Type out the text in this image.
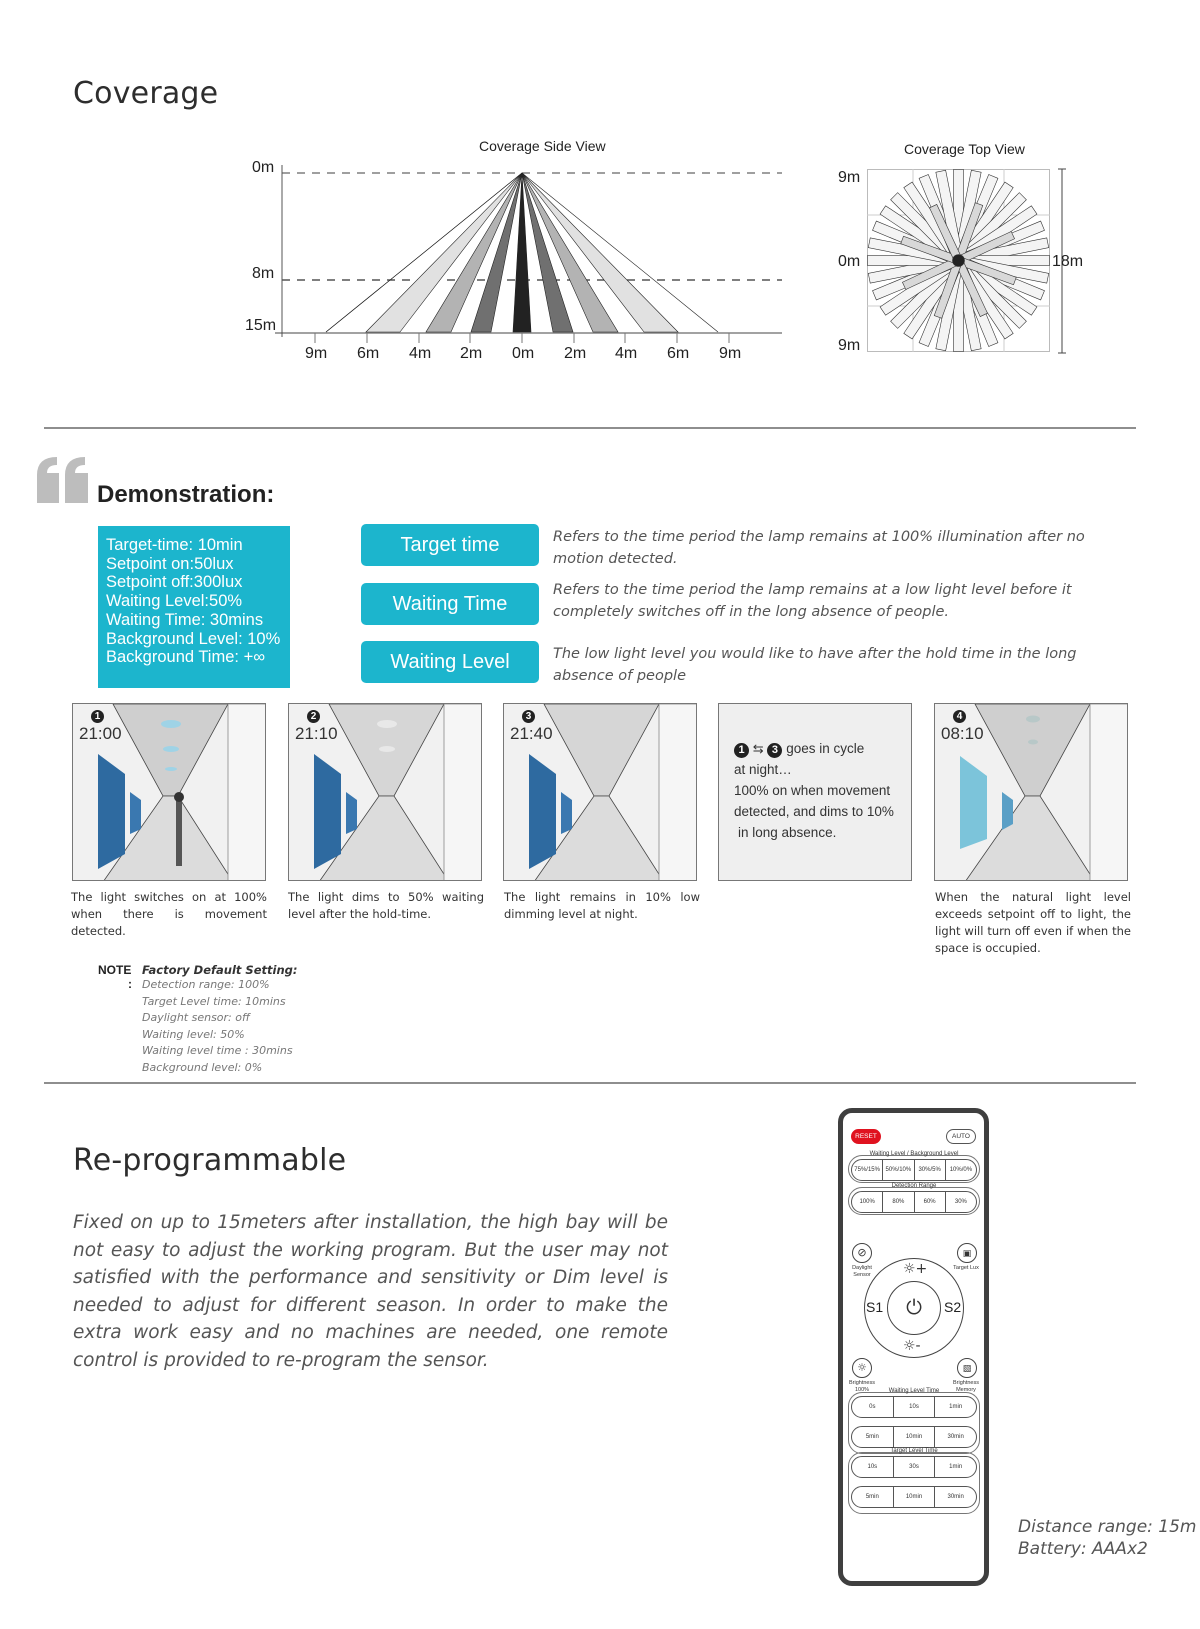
Coverage
Coverage Side View
0m
8m
15m
9m 6m 4m 2m 0m 2m 4m 6m 9m
Coverage Top View
9m
0m
9m
18m
Demonstration:
Target-time: 10min
Setpoint on:50lux
Setpoint off:300lux
Waiting Level:50%
Waiting Time: 30mins
Background Level: 10%
Background Time: +∞
Target time
Waiting Time
Waiting Level
Refers to the time period the lamp remains at 100% illumination after no motion detected.
Refers to the time period the lamp remains at a low light level before it completely switches off in the long absence of people.
The low light level you would like to have after the hold time in the long absence of people
1
21:00
2
21:10
3
21:40
1 ⇆ 3 goes in cycle
at night…
100% on when movement
detected, and dims to 10%
in long absence.
4
08:10
The light switches on at 100% when there is movement detected.
The light dims to 50% waiting level after the hold-time.
The light remains in 10% low dimming level at night.
When the natural light level exceeds setpoint off to light, the light will turn off even if when the space is occupied.
NOTE
:
Factory Default Setting:
Detection range: 100%
Target Level time: 10mins
Daylight sensor: off
Waiting level: 50%
Waiting level time : 30mins
Background level: 0%
Re-programmable
Fixed on up to 15meters after installation, the high bay will be not easy to adjust the working program. But the user may not satisfied with the performance and sensitivity or Dim level is needed to adjust for different season. In order to make the extra work easy and no machines are needed, one remote control is provided to re-program the sensor.
Distance range: 15m
Battery: AAAx2
RESET	AUTO
Waiting Level / Background Level
75%/15% 50%/10%	30%/5%	10%/0%
Detection Range
100%	80%	60%	30%
⊘
Daylight Sensor
▣
Target Lux
⏻
☼+
☼-
S1	S2
☼
Brightness 100%
▧
Brightness Memory
Waiting Level Time
0s	10s	1min
5min	10min	30min
Target Level Time
10s	30s	1min
5min	10min	30min
